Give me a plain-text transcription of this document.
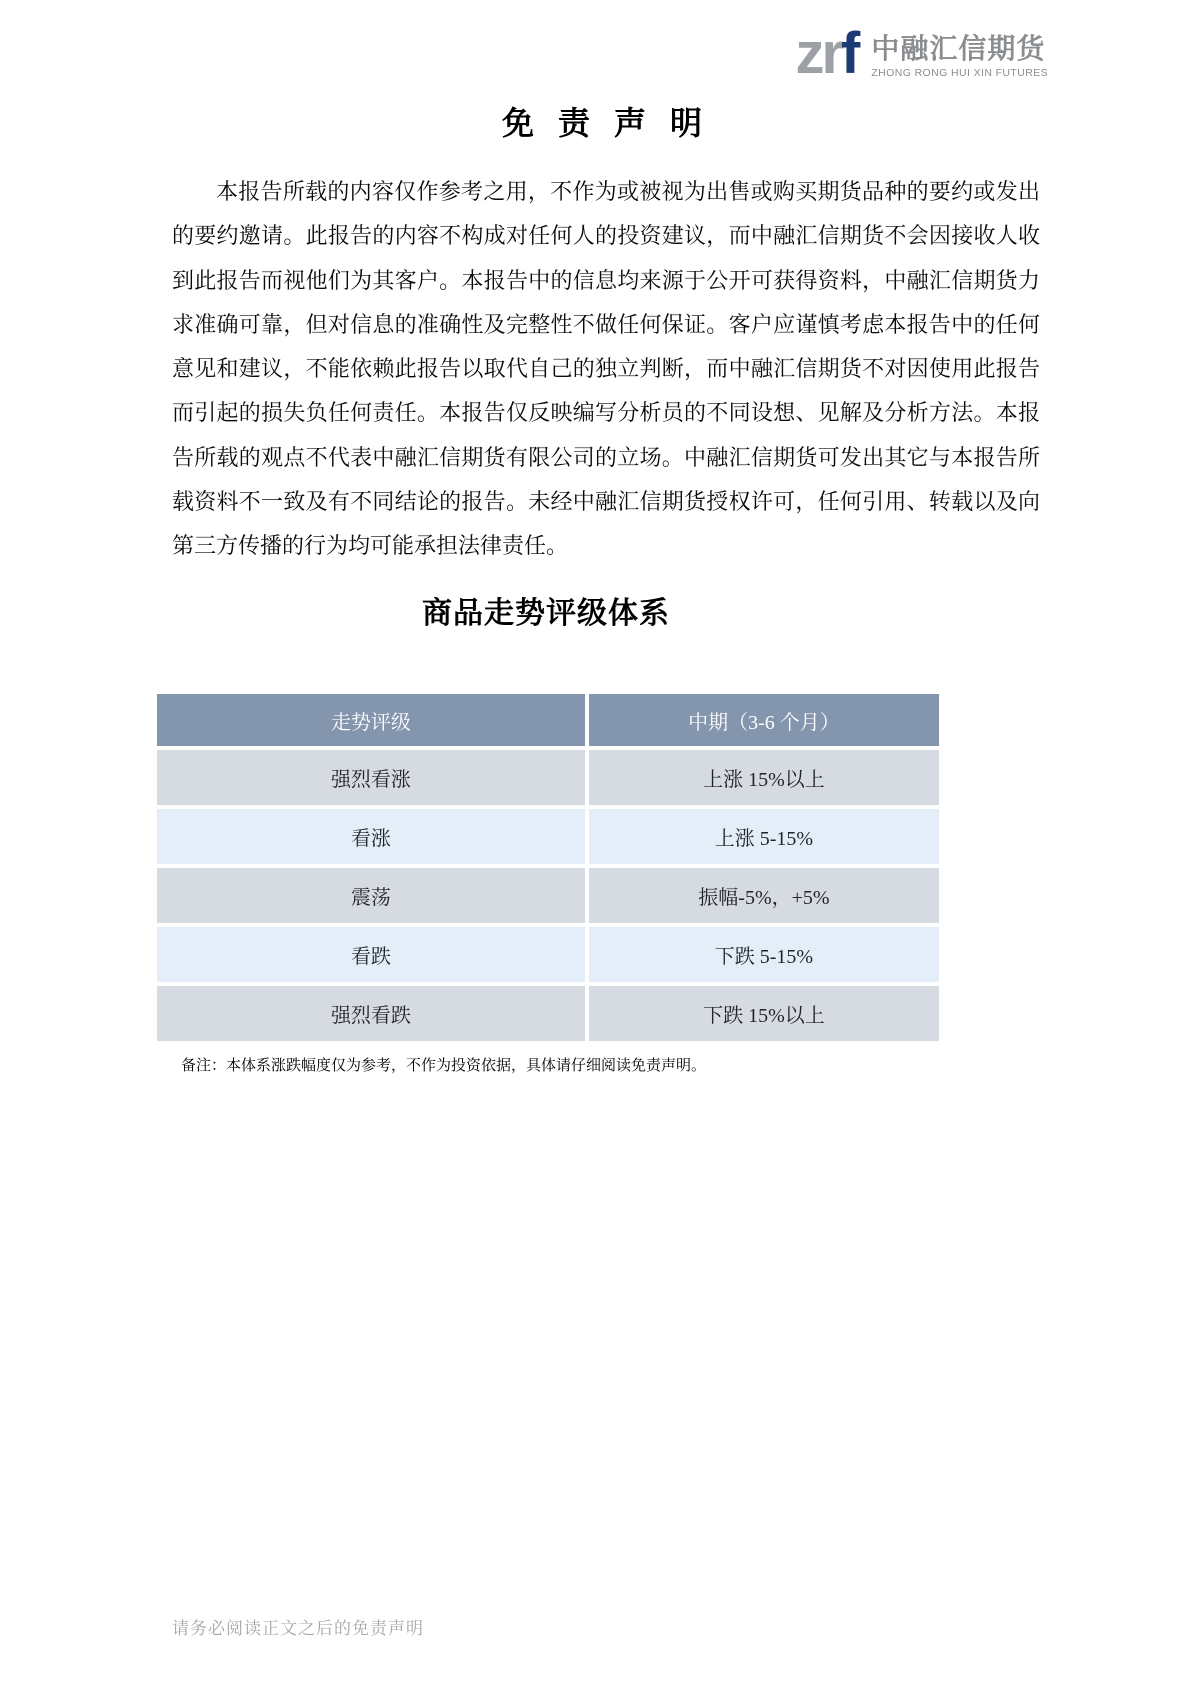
zrf 中融汇信期货
ZHONG RONG HUI XIN FUTURES
免 责 声 明

本报告所载的内容仅作参考之用，不作为或被视为出售或购买期货品种的要约或发出的要约邀请。此报告的内容不构成对任何人的投资建议，而中融汇信期货不会因接收人收到此报告而视他们为其客户。本报告中的信息均来源于公开可获得资料，中融汇信期货力求准确可靠，但对信息的准确性及完整性不做任何保证。客户应谨慎考虑本报告中的任何意见和建议，不能依赖此报告以取代自己的独立判断，而中融汇信期货不对因使用此报告而引起的损失负任何责任。本报告仅反映编写分析员的不同设想、见解及分析方法。本报告所载的观点不代表中融汇信期货有限公司的立场。中融汇信期货可发出其它与本报告所载资料不一致及有不同结论的报告。未经中融汇信期货授权许可，任何引用、转载以及向第三方传播的行为均可能承担法律责任。

商品走势评级体系
走势评级	中期（3-6 个月）
强烈看涨	上涨 15%以上
看涨	上涨 5-15%
震荡	振幅-5%，+5%
看跌	下跌 5-15%
强烈看跌	下跌 15%以上

备注：本体系涨跌幅度仅为参考，不作为投资依据，具体请仔细阅读免责声明。

请务必阅读正文之后的免责声明
